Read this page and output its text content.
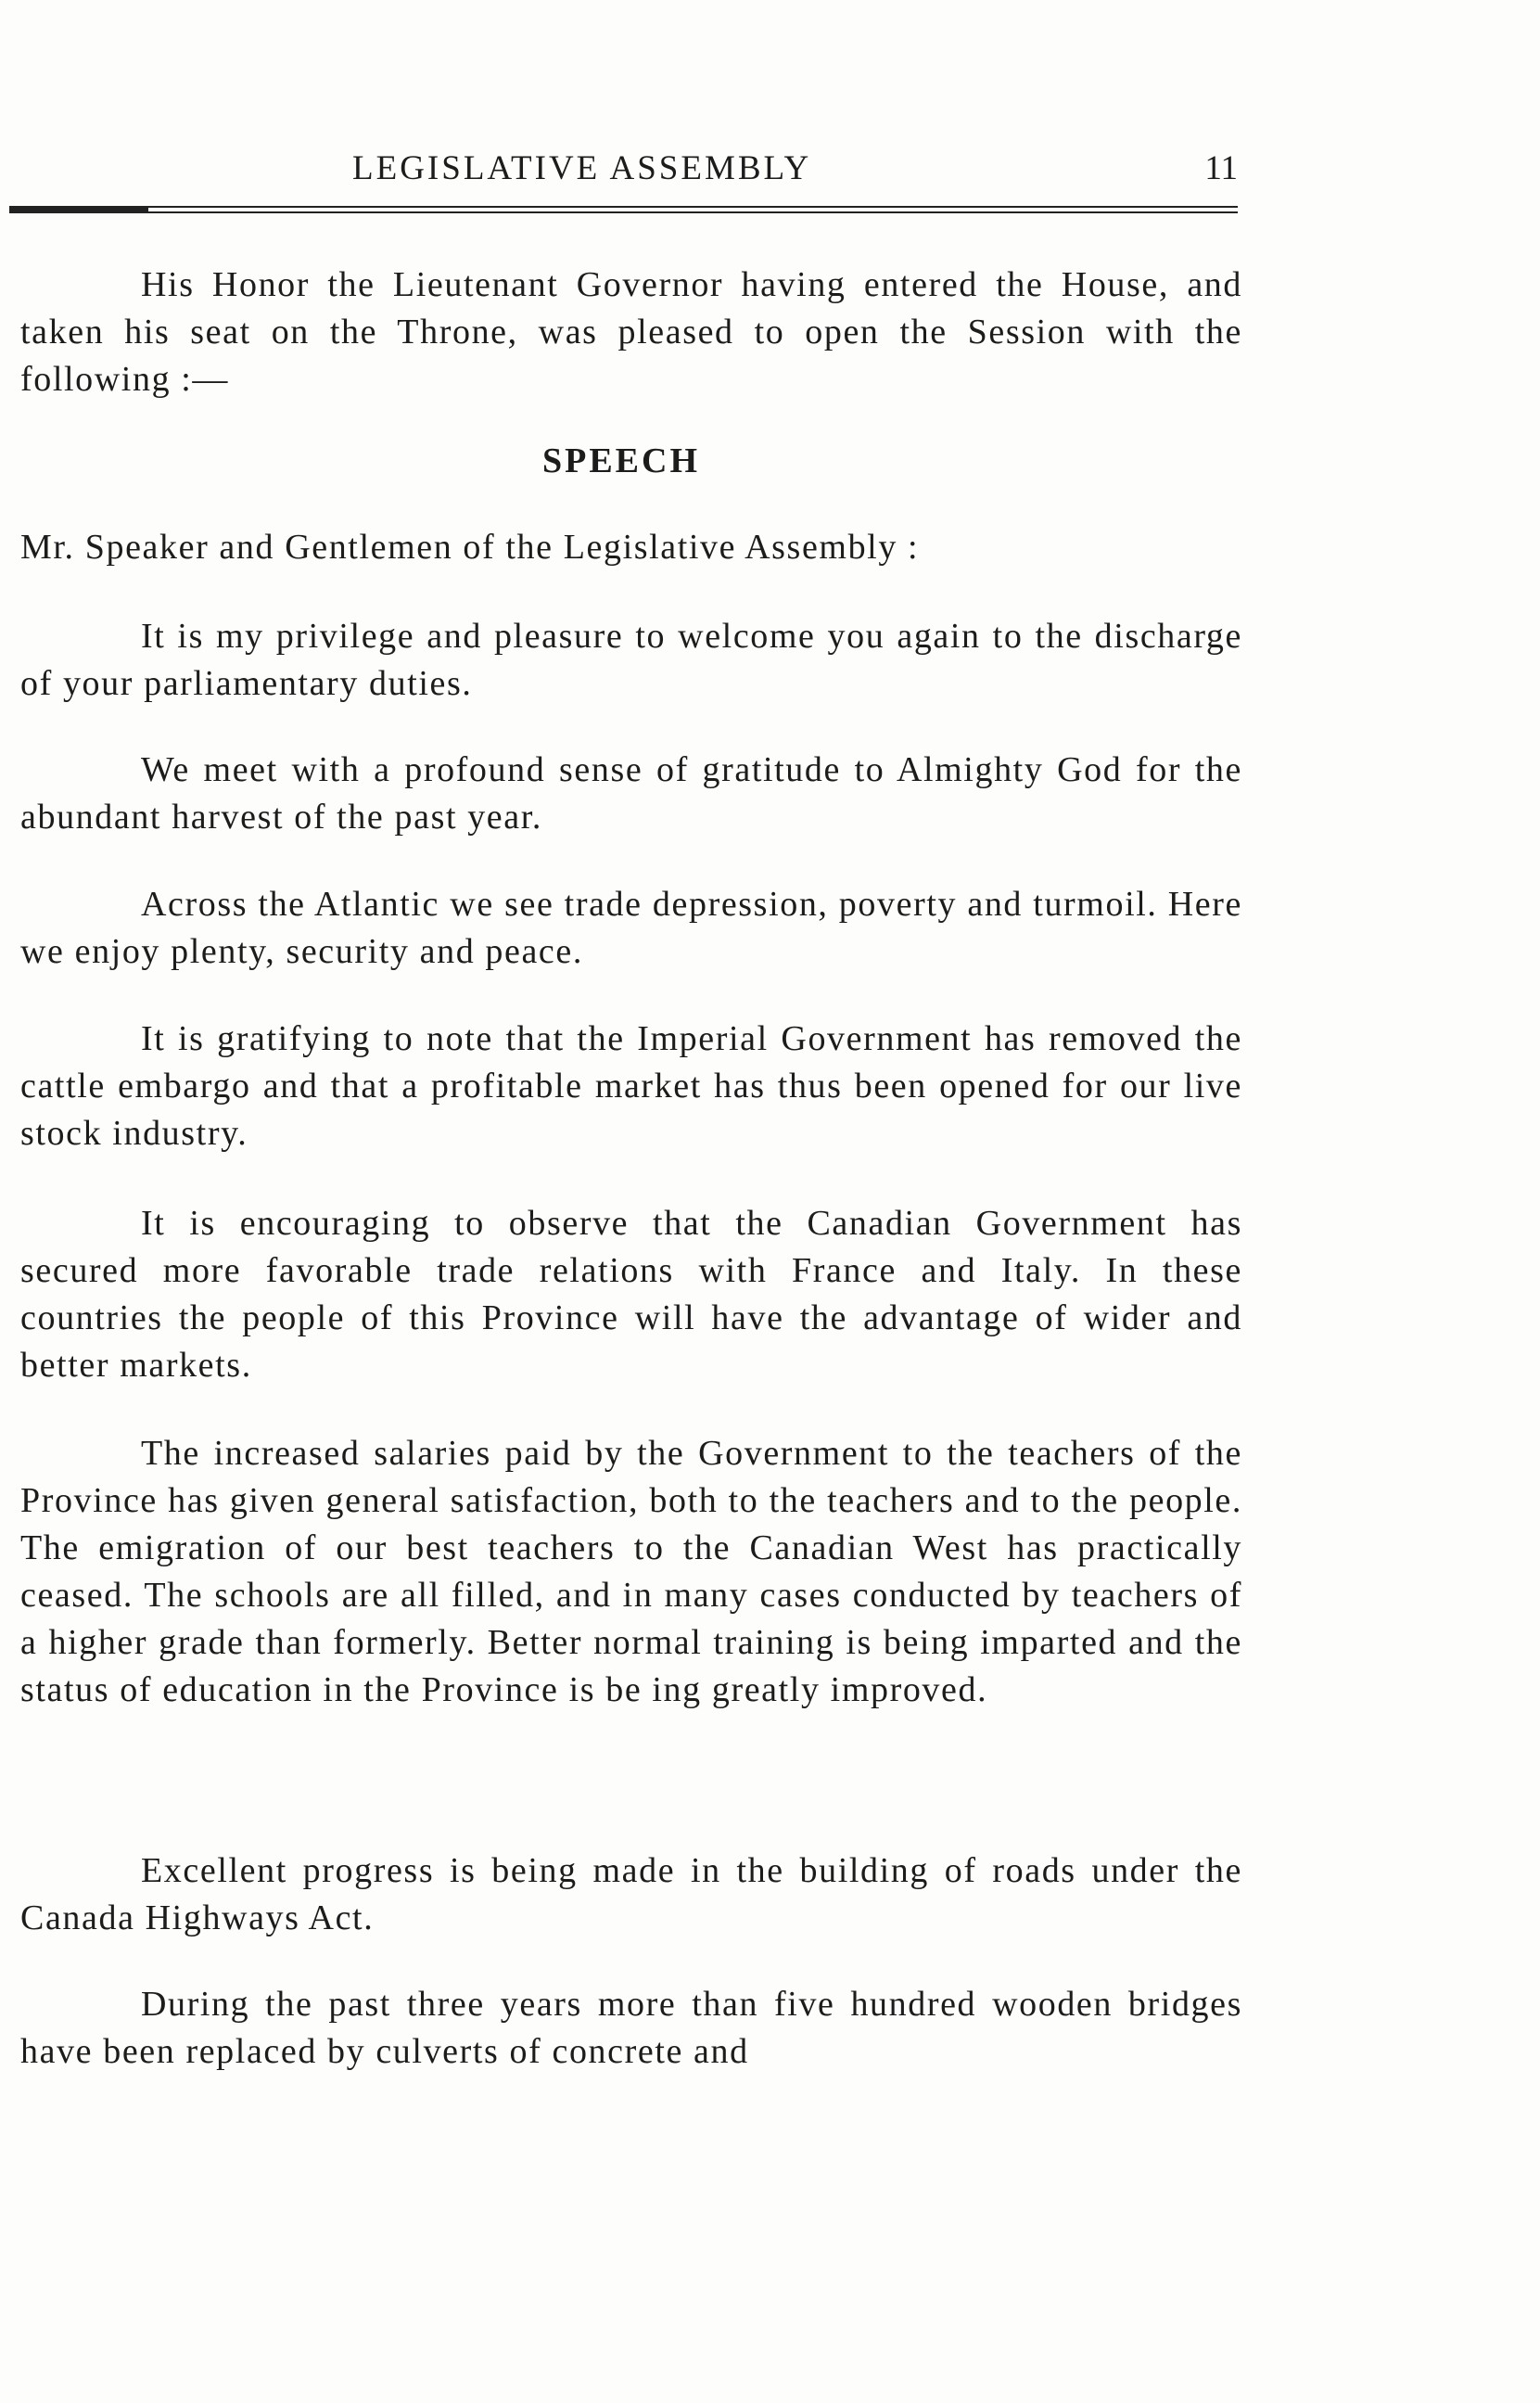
LEGISLATIVE ASSEMBLY	11
His Honor the Lieutenant Governor having entered the House, and taken his seat on the Throne, was pleased to open the Session with the following :—
SPEECH
Mr. Speaker and Gentlemen of the Legislative Assembly :
It is my privilege and pleasure to welcome you again to the discharge of your parliamentary duties.
We meet with a profound sense of gratitude to Almighty God for the abundant harvest of the past year.
Across the Atlantic we see trade depression, poverty and turmoil. Here we enjoy plenty, security and peace.
It is gratifying to note that the Imperial Government has removed the cattle embargo and that a profitable market has thus been opened for our live stock industry.
It is encouraging to observe that the Canadian Government has secured more favorable trade relations with France and Italy. In these countries the people of this Province will have the advantage of wider and better markets.
The increased salaries paid by the Government to the teachers of the Province has given general satisfaction, both to the teachers and to the people. The emigration of our best teachers to the Canadian West has practically ceased. The schools are all filled, and in many cases conducted by teachers of a higher grade than formerly. Better normal training is being imparted and the status of education in the Province is be ing greatly improved.
Excellent progress is being made in the building of roads under the Canada Highways Act.
During the past three years more than five hundred wooden bridges have been replaced by culverts of concrete and
